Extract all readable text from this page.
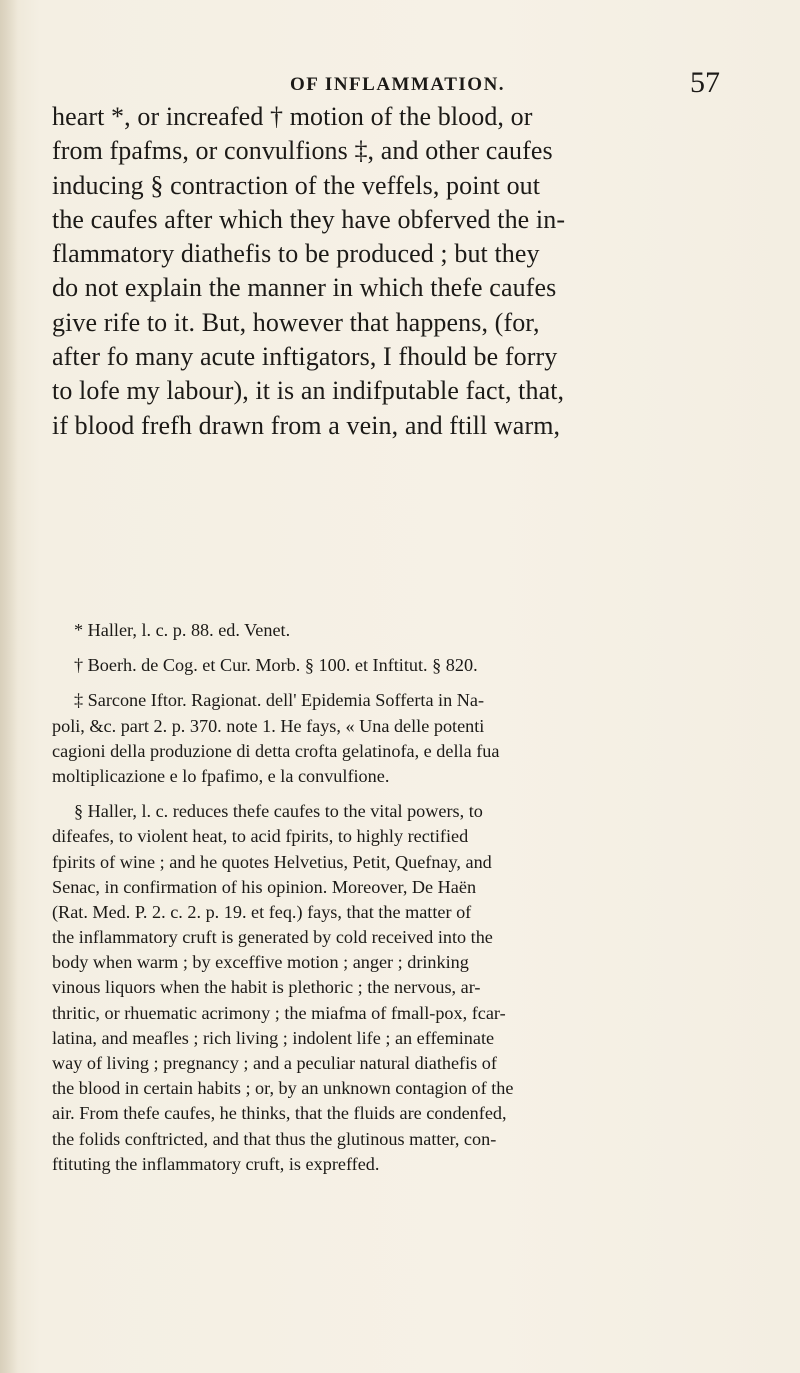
OF INFLAMMATION.	57
heart *, or increafed † motion of the blood, or
from fpafms, or convulfions ‡, and other caufes
inducing § contraction of the veffels, point out
the caufes after which they have obferved the in-
flammatory diathefis to be produced ; but they
do not explain the manner in which thefe caufes
give rife to it. But, however that happens, (for,
after fo many acute inftigators, I fhould be forry
to lofe my labour), it is an indifputable fact, that,
if blood frefh drawn from a vein, and ftill warm,
* Haller, l. c. p. 88. ed. Venet.
† Boerh. de Cog. et Cur. Morb. § 100. et Inftitut. § 820.
‡ Sarcone Iftor. Ragionat. dell' Epidemia Sofferta in Na-
poli, &c. part 2. p. 370. note 1. He fays, « Una delle potenti
cagioni della produzione di detta crofta gelatinofa, e della fua
moltiplicazione e lo fpafimo, e la convulfione.
§ Haller, l. c. reduces thefe caufes to the vital powers, to
difeafes, to violent heat, to acid fpirits, to highly rectified
fpirits of wine ; and he quotes Helvetius, Petit, Quefnay, and
Senac, in confirmation of his opinion. Moreover, De Haën
(Rat. Med. P. 2. c. 2. p. 19. et feq.) fays, that the matter of
the inflammatory cruft is generated by cold received into the
body when warm ; by exceffive motion ; anger ; drinking
vinous liquors when the habit is plethoric ; the nervous, ar-
thritic, or rhuematic acrimony ; the miafma of fmall-pox, fcar-
latina, and meafles ; rich living ; indolent life ; an effeminate
way of living ; pregnancy ; and a peculiar natural diathefis of
the blood in certain habits ; or, by an unknown contagion of the
air. From thefe caufes, he thinks, that the fluids are condenfed,
the folids conftricted, and that thus the glutinous matter, con-
ftituting the inflammatory cruft, is expreffed.
